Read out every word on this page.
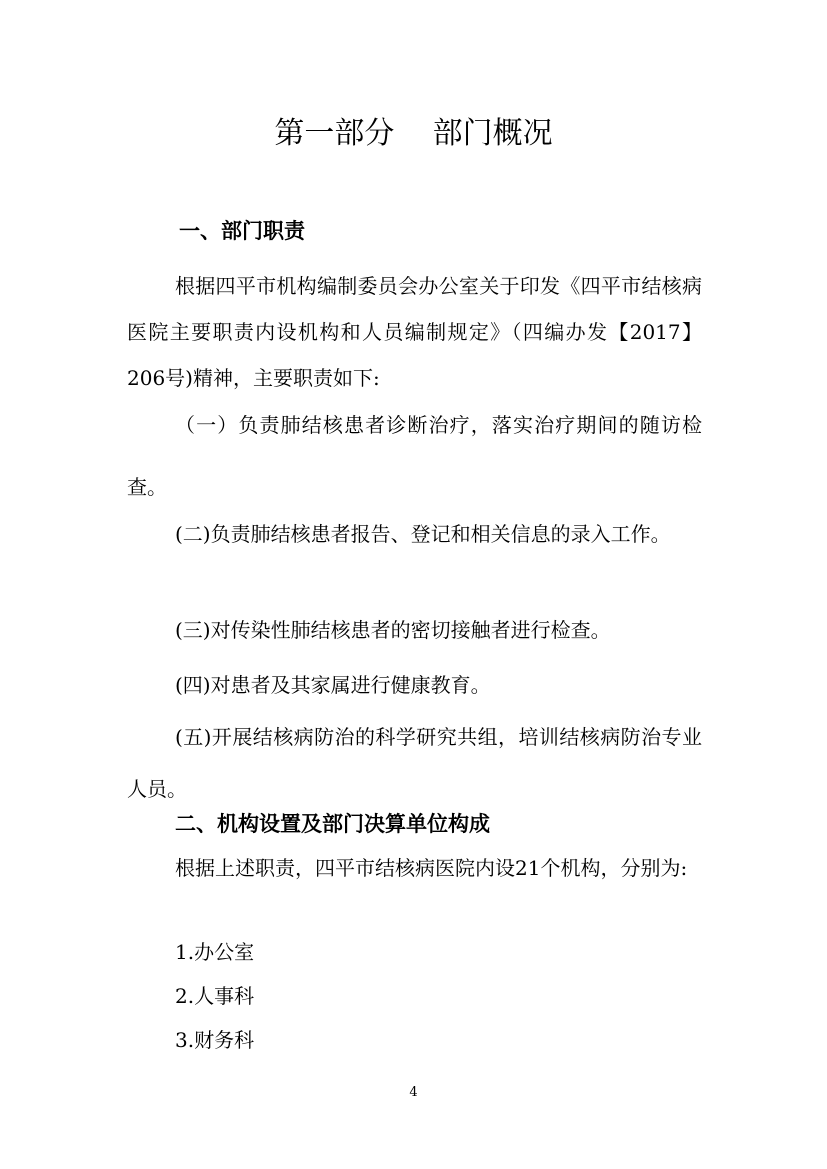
第一部分    部门概况
一、部门职责
根据四平市机构编制委员会办公室关于印发《四平市结核病医院主要职责内设机构和人员编制规定》（四编办发【2017】206号)精神，主要职责如下:
（一）负责肺结核患者诊断治疗，落实治疗期间的随访检查。
(二)负责肺结核患者报告、登记和相关信息的录入工作。
(三)对传染性肺结核患者的密切接触者进行检查。
(四)对患者及其家属进行健康教育。
(五)开展结核病防治的科学研究共组，培训结核病防治专业人员。
二、机构设置及部门决算单位构成
根据上述职责，四平市结核病医院内设21个机构，分别为:
1.办公室
2.人事科
3.财务科
4
